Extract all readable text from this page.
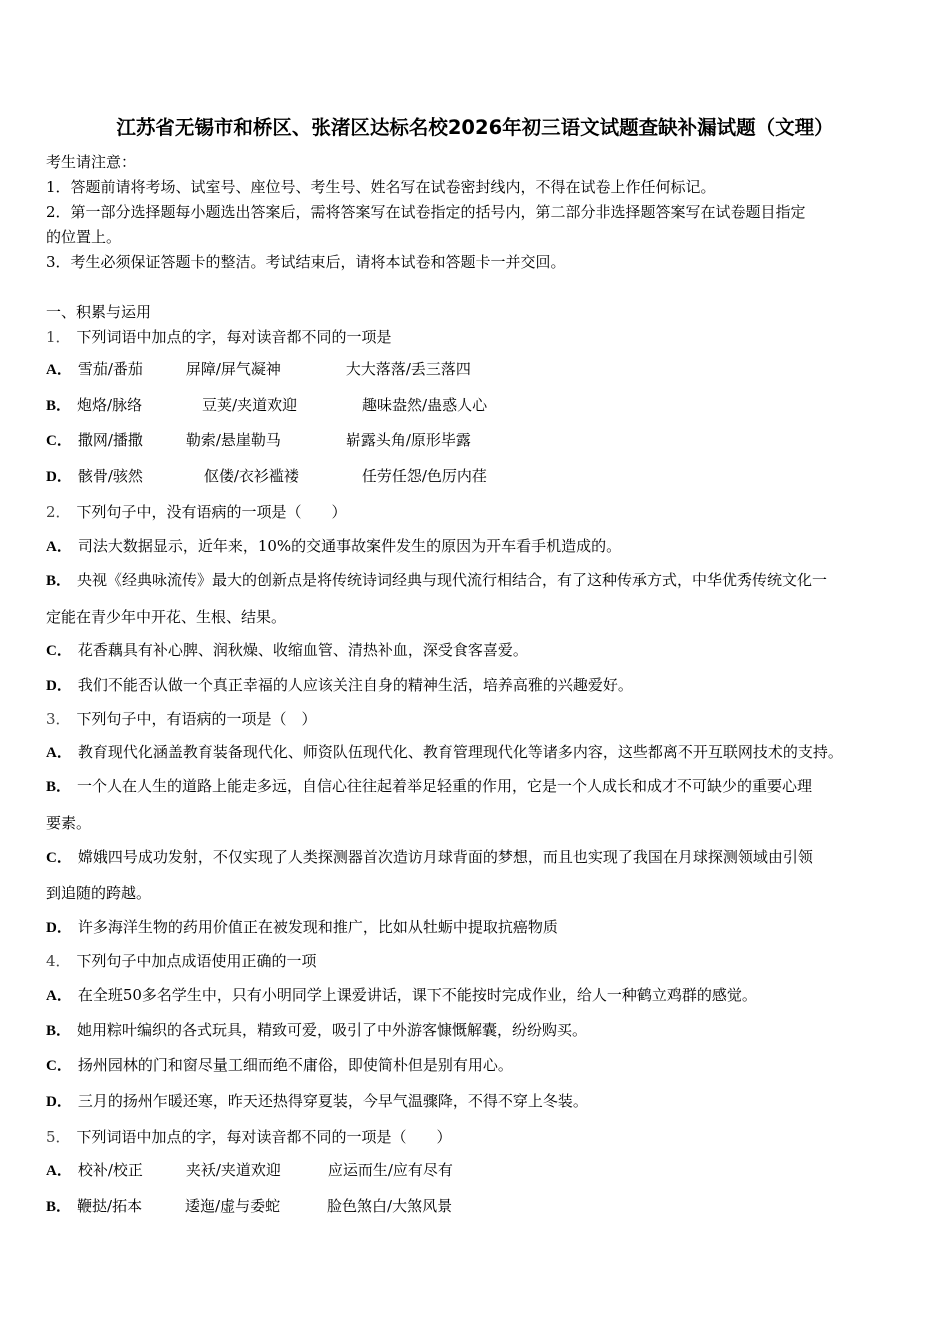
江苏省无锡市和桥区、张渚区达标名校2026年初三语文试题查缺补漏试题（文理）
考生请注意：
1．答题前请将考场、试室号、座位号、考生号、姓名写在试卷密封线内，不得在试卷上作任何标记。
2．第一部分选择题每小题选出答案后，需将答案写在试卷指定的括号内，第二部分非选择题答案写在试卷题目指定
的位置上。
3．考生必须保证答题卡的整洁。考试结束后，请将本试卷和答题卡一并交回。
一、积累与运用
1． 下列词语中加点的字，每对读音都不同的一项是
A． 雪茄/番茄	屏障/屏气凝神	大大落落/丢三落四
B． 炮烙/脉络	豆荚/夹道欢迎	趣味盎然/蛊惑人心
C． 撒网/播撒	勒索/悬崖勒马	崭露头角/原形毕露
D． 骸骨/骇然	伛偻/衣衫褴褛	任劳任怨/色厉内荏
2． 下列句子中，没有语病的一项是（　　）
A． 司法大数据显示，近年来，10%的交通事故案件发生的原因为开车看手机造成的。
B． 央视《经典咏流传》最大的创新点是将传统诗词经典与现代流行相结合，有了这种传承方式，中华优秀传统文化一
定能在青少年中开花、生根、结果。
C． 花香藕具有补心脾、润秋燥、收缩血管、清热补血，深受食客喜爱。
D． 我们不能否认做一个真正幸福的人应该关注自身的精神生活，培养高雅的兴趣爱好。
3． 下列句子中，有语病的一项是（　）
A． 教育现代化涵盖教育装备现代化、师资队伍现代化、教育管理现代化等诸多内容，这些都离不开互联网技术的支持。
B． 一个人在人生的道路上能走多远，自信心往往起着举足轻重的作用，它是一个人成长和成才不可缺少的重要心理
要素。
C． 嫦娥四号成功发射，不仅实现了人类探测器首次造访月球背面的梦想，而且也实现了我国在月球探测领域由引领
到追随的跨越。
D． 许多海洋生物的药用价值正在被发现和推广，比如从牡蛎中提取抗癌物质
4． 下列句子中加点成语使用正确的一项
A． 在全班50多名学生中，只有小明同学上课爱讲话，课下不能按时完成作业，给人一种鹤立鸡群的感觉。
B． 她用粽叶编织的各式玩具，精致可爱，吸引了中外游客慷慨解囊，纷纷购买。
C． 扬州园林的门和窗尽量工细而绝不庸俗，即使简朴但是别有用心。
D． 三月的扬州乍暖还寒，昨天还热得穿夏装，今早气温骤降，不得不穿上冬装。
5． 下列词语中加点的字，每对读音都不同的一项是（　　）
A． 校补/校正	夹袄/夹道欢迎	应运而生/应有尽有
B． 鞭挞/拓本	逶迤/虚与委蛇	脸色煞白/大煞风景
